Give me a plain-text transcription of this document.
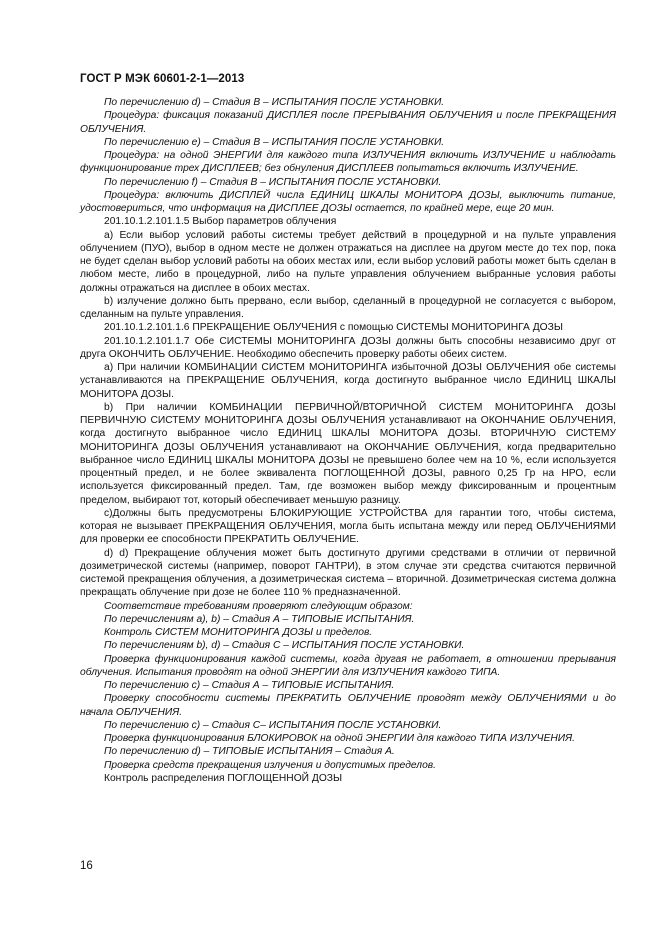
ГОСТ Р МЭК 60601-2-1—2013

По перечислению d) – Стадия В – ИСПЫТАНИЯ ПОСЛЕ УСТАНОВКИ.

Процедура: фиксация показаний ДИСПЛЕЯ после ПРЕРЫВАНИЯ ОБЛУЧЕНИЯ и после ПРЕКРАЩЕНИЯ ОБЛУЧЕНИЯ.

По перечислению e) – Стадия В – ИСПЫТАНИЯ ПОСЛЕ УСТАНОВКИ.

Процедура: на одной ЭНЕРГИИ для каждого типа ИЗЛУЧЕНИЯ включить ИЗЛУЧЕНИЕ и наблюдать функционирование трех ДИСПЛЕЕВ; без обнуления ДИСПЛЕЕВ попытаться включить ИЗЛУЧЕНИЕ.

По перечислению f) – Стадия В – ИСПЫТАНИЯ ПОСЛЕ УСТАНОВКИ.

Процедура: включить ДИСПЛЕЙ числа ЕДИНИЦ ШКАЛЫ МОНИТОРА ДОЗЫ, выключить питание, удостовериться, что информация на ДИСПЛЕЕ ДОЗЫ остается, по крайней мере, еще 20 мин.

201.10.1.2.101.1.5 Выбор параметров облучения

а) Если выбор условий работы системы требует действий в процедурной и на пульте управления облучением (ПУО), выбор в одном месте не должен отражаться на дисплее на другом месте до тех пор, пока не будет сделан выбор условий работы на обоих местах или, если выбор условий работы может быть сделан в любом месте, либо в процедурной, либо на пульте управления облучением выбранные условия работы должны отражаться на дисплее в обоих местах.

b) излучение должно быть прервано, если выбор, сделанный в процедурной не согласуется с выбором, сделанным на пульте управления.

201.10.1.2.101.1.6 ПРЕКРАЩЕНИЕ ОБЛУЧЕНИЯ с помощью СИСТЕМЫ МОНИТОРИНГА ДОЗЫ

201.10.1.2.101.1.7 Обе СИСТЕМЫ МОНИТОРИНГА ДОЗЫ должны быть способны независимо друг от друга ОКОНЧИТЬ ОБЛУЧЕНИЕ. Необходимо обеспечить проверку работы обеих систем.

a) При наличии КОМБИНАЦИИ СИСТЕМ МОНИТОРИНГА избыточной ДОЗЫ ОБЛУЧЕНИЯ обе системы устанавливаются на ПРЕКРАЩЕНИЕ ОБЛУЧЕНИЯ, когда достигнуто выбранное число ЕДИНИЦ ШКАЛЫ МОНИТОРА ДОЗЫ.

b) При наличии КОМБИНАЦИИ ПЕРВИЧНОЙ/ВТОРИЧНОЙ СИСТЕМ МОНИТОРИНГА ДОЗЫ ПЕРВИЧНУЮ СИСТЕМУ МОНИТОРИНГА ДОЗЫ ОБЛУЧЕНИЯ устанавливают на ОКОНЧАНИЕ ОБЛУЧЕНИЯ, когда достигнуто выбранное число ЕДИНИЦ ШКАЛЫ МОНИТОРА ДОЗЫ. ВТОРИЧНУЮ СИСТЕМУ МОНИТОРИНГА ДОЗЫ ОБЛУЧЕНИЯ устанавливают на ОКОНЧАНИЕ ОБЛУЧЕНИЯ, когда предварительно выбранное число ЕДИНИЦ ШКАЛЫ МОНИТОРА ДОЗЫ не превышено более чем на 10 %, если используется процентный предел, и не более эквивалента ПОГЛОЩЕННОЙ ДОЗЫ, равного 0,25 Гр на НРО, если используется фиксированный предел. Там, где возможен выбор между фиксированным и процентным пределом, выбирают тот, который обеспечивает меньшую разницу.

c)Должны быть предусмотрены БЛОКИРУЮЩИЕ УСТРОЙСТВА для гарантии того, чтобы система, которая не вызывает ПРЕКРАЩЕНИЯ ОБЛУЧЕНИЯ, могла быть испытана между или перед ОБЛУЧЕНИЯМИ для проверки ее способности ПРЕКРАТИТЬ ОБЛУЧЕНИЕ.

d) d) Прекращение облучения может быть достигнуто другими средствами в отличии от первичной дозиметрической системы (например, поворот ГАНТРИ), в этом случае эти средства считаются первичной системой прекращения облучения, а дозиметрическая система – вторичной. Дозиметрическая система должна прекращать облучение при дозе не более 110 % предназначенной.

Соответствие требованиям проверяют следующим образом:

По перечислениям a), b) – Стадия А – ТИПОВЫЕ ИСПЫТАНИЯ.

Контроль СИСТЕМ МОНИТОРИНГА ДОЗЫ и пределов.

По перечислениям b), d) – Стадия С – ИСПЫТАНИЯ ПОСЛЕ УСТАНОВКИ.

Проверка функционирования каждой системы, когда другая не работает, в отношении прерывания облучения. Испытания проводят на одной ЭНЕРГИИ для ИЗЛУЧЕНИЯ каждого ТИПА.

По перечислению с) – Стадия А – ТИПОВЫЕ ИСПЫТАНИЯ.

Проверку способности системы ПРЕКРАТИТЬ ОБЛУЧЕНИЕ проводят между ОБЛУЧЕНИЯМИ и до начала ОБЛУЧЕНИЯ.

По перечислению с) – Стадия С– ИСПЫТАНИЯ ПОСЛЕ УСТАНОВКИ.

Проверка функционирования БЛОКИРОВОК на одной ЭНЕРГИИ для каждого ТИПА ИЗЛУЧЕНИЯ.

По перечислению d) – ТИПОВЫЕ ИСПЫТАНИЯ – Стадия А.

Проверка средств прекращения излучения и допустимых пределов.

Контроль распределения ПОГЛОЩЕННОЙ ДОЗЫ

16
